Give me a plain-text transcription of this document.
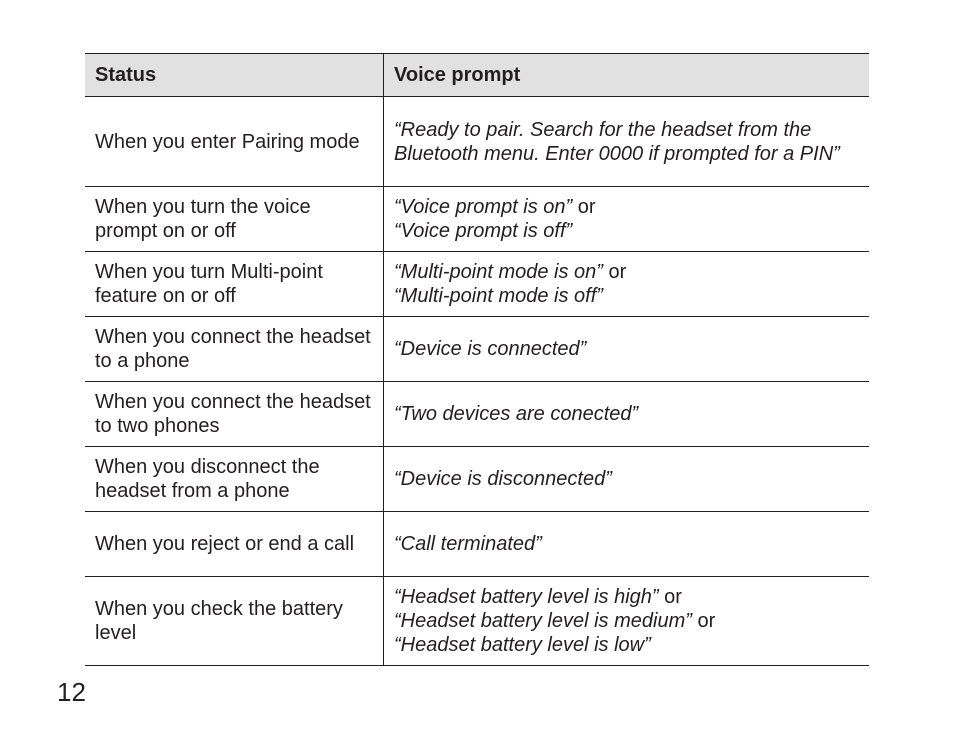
Status	Voice prompt
When you enter Pairing mode	“Ready to pair. Search for the headset from the Bluetooth menu. Enter 0000 if prompted for a PIN”

When you turn the voice prompt on or off	“Voice prompt is on” or
“Voice prompt is off”

When you turn Multi-point feature on or off	“Multi-point mode is on” or
“Multi-point mode is off”

When you connect the headset to a phone	“Device is connected”

When you connect the headset to two phones	“Two devices are conected”

When you disconnect the headset from a phone	“Device is disconnected”

When you reject or end a call	“Call terminated”

When you check the battery level	“Headset battery level is high” or
“Headset battery level is medium” or
“Headset battery level is low”
12
